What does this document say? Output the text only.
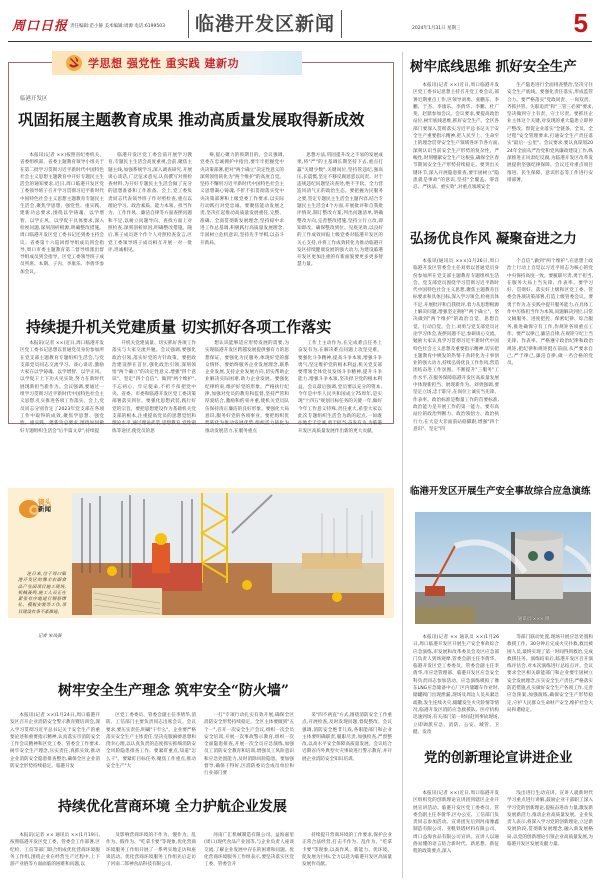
周口日报 责任编辑:范小静 美术编辑:周源 电话:6199503	临港开发区新闻	2024年1月31日 星期三	5
学思想 强党性 重实践 建新功
临港开发区
巩固拓展主题教育成果 推动高质量发展取得新成效

本报讯(记者 ××)按照省纪委机关、省委组织部、省委主题教育领导小组关于在第二批学习贯彻习近平新时代中国特色社会主义思想主题教育中开好专题民主生活会的通知要求,近日,周口临港开发区党工委领导班子召开学习贯彻习近平新时代中国特色社会主义思想主题教育专题民主生活会,聚焦学思想、强党性、重实践、建新功总要求,围绕以学铸魂、以学增智、以学正风、以学促干具体要求,深入检视问题,深刻剖析根源,明确整改措施。周口临港开发区党工委书记还到委主持会议。省委第十六巡回督导组成员到会指导,周口市委主题教育第二督导组派出督导组成员到会指导。区党工委领导班子成员列席。本期、子丙、李康乐、李倩华参加会议。

临港开发区党工委会前开展学习教育,专题民主生活会高度重视,会前,聚焦主题主线,加强系统学习,深入调查研究,开展谈心谈话,广泛征求意见,认真撰写对照检查材料,为开好专题民主生活会做了充分的思想准备和工作准备。会上,党工委负责同志代表领导班子作对照检查,重点以理论学习、政治素质、能力本领、担当作为、工作作风、廉洁自律等方面查摆问题和不足,以树立问题导向、查找方面上对照检查,深刻剖析原因,明确整改措施。随后,班子成员逐个作个人对照检查发言,区党工委领导班子成员相互开展一对一批评,坦诚相见。

辩,提心聚力的预期目的。会议强调,党委在忠诚拥护中指出,要牢牢把握党中央决策部署,把对"两个确立"决定性意义的深刻领悟转化为"两个维护"的高度自觉。坚持不懈用习近平新时代中国特色社会主义思想凝心铸魂,不折不扣贯彻落实党中央决策部署和上级党委工作要求,以实际行动践行对党忠诚。要聚焦能动发展之责,坚决扛起推动高质量发展重任,完整、准确、全面贯彻新发展理念,坚持稳中求进工作总基调,积极践行高质量发展理念,牢固树立危机意识,坚持先手导棋,以奋斗开新局。

思想方法,巩固提升改之不易的发展成果,将"严"的主基调长期坚持下去,重点打赢"关键少数",关键岗位,坚持管违纪,强高压,长震慑,坚定不移反腐惩恶以问责。对于违规违纪问题坚决查处,绝不手软。全力营造风清气正的政治生态。要把握为民服务之要,坚定专题民主生活会主题内容,结合专题民主生活会4个方面,开展批评和自我批评情况,制订整改方案,列出问题清单,明确整改方向,完善整改措施,坚持立行立改,即知即改。确保整改到位、见底见效,以良好的工作成效回报上级党委对临港开发区的关心支持,并将工作成效转化为推动临港开发区持续健康发展的强大动力,为建设临港开发区更加注重的有新面貌要更多更多智慧力量。

持续提升机关党建质量 切实抓好各项工作落实

本报讯(记者 ××)近日,周口临港开发区党工委书记思想以普通党员身份参加所在党支部主题教育专题组织生活会,与党支部党员同志交流学习、谈心谈话,激励大家在以学铸魂、以学增智、以学正风、以学促干上下功夫见实效,努力在新时代展现新担当新作为。会议强调,要通过一组学习贯彻习近平新时代中国特色社会主义思想,扎实推进各项工作落实。会上,党员同志分别肯定了2023年党支部在各项工作中取得的成效,聚焦学思想、强党性、重实践、建新功总要求,围绕如何做好专题组织生活会"后半篇文章",持续提

升机关党建质量、切实抓好各项工作落实与大家交流共勉。会议强调,要强化政治引领,落实好党的方针政策。要把政治建设摆在首位,强化政治引领,深刻领悟"两个确立"的决定性意义,增强"四个意识"、坚定"四个自信"、做到"两个维护",不忘初心、牢记使命,不折不扣把党中央、省委、市委和临港开发区党工委决策部署落实到位。要强化思想武装,践行好党的宗旨。要把思想建设作为基础机关党支部的根本,注重提高党员的思想觉悟和理论水平,通过理论武装,思想教育,党性锻炼等途径,使党员的思

想认识能够适应形势发展的需要,为实现临港开发区跨越发展提供强有力的思想保证。要强化为民服务,体现好党的群众情怀。要始终服务企业发展理念,联系企业发展,支持企业发展方向,切实帮助企业解决实际困难,助力企业发展。要强化纪律约束,维护好党的形象。严格执行纪律,加强对党员的教育和监督,坚持严管和厚爱结合,激励和约束并重,使机关党员队伍保持清正廉洁的良好形象。要强化大局意识,服务好党的各项事业。要把组织优势转化为推动发展优势,组织活力转化为推动发展活力,在服务重点

工作上主动作为,在完成难点任务上奋发有为,在解决难点问题上攻坚克难。要强化斗争精神,提高斗争本领,增强斗争勇气,坚定维护党的根本利益,机关党支部要带领全体党员发扬斗争精神,提升斗争能力,增强斗争本领,坚决捍卫党的根本利益。会议最后强调,党员要以充分的资本,今年是中华人民共和国成立75周年,是实现"十四五"规划目标任务的关键一年,做好今年工作意义特殊,责任重大,希望大家以此次专题组织生活会为新的起点,一如既往地忠于忠诚,勇于担当,奋发有为,为临港开发区高质量发展作出新的更大贡献。

镜头
新闻

连日来,位于周口临港开发区的豫丰农副食品产业园项目施工现场,机械轰鸣,施工人员正在紧张有序地进行钢筋绑扎、模板安装等工作,项目建设有条不紊推进。

记者 宋凤强
树牢安全生产理念 筑牢安全“防火墙”

本报讯(记者 ××)1月24日,周口临港开发区召开企业消防安全警示教育暨培训会,深入学习贯彻习近平总书记关于安全生产的重要论述和重要指示精神,认真落实市消防安全工作会议精神和区党工委、管委会工作要求,树牢安全生产理念,压实责任,真抓实效,推动企业消防安全隐患排查整治,确保全区企业消防安全形势持续稳定。临港开发

区党工委委员、管委会副主任李倩华,消防、工信部门主要负责同志出席会议。会议要求,要压实责任,明确"干什么"。企业要严格落实安全生产主体责任,坚决克服麻痹思想和侥幸心理,以认真负责的态度抓实抓细消防安全风险隐患排查工作。要紧盯重点,知道"怎么干"。要紧盯目标任务,聚焦工作重点,推动安全生产"大

一打"专项行动扎实有效开展,确保全区消防安全形势持续稳定。全区主体要做到"五个一",召开一次安全生产会议,组织一次全员安全培训,开展一次事故警示教育,组织一次全面隐患排查,开展一次全员应急演练,加强员工消防安全教育和培训,增强员工风险意识和应急处置能力,及时消除风险隐患。要加强督导,确保干得好,区消防委员会成员单位和行业部门要

采"四不两直"方式,围绕消防安全工作重点,开展检查,及时发现问题,督促整改。会议强调,消防安全绝非儿戏,各职能部门和企业主体要明确职责,履职尽责,加强检查,严督整改,以高水平安全保障高质量发展。会议结合近期省内外典型火灾事故进行警示教育,并开展企业消防安全知识培训。

持续优化营商环境 全力护航企业发展

本报讯(记者 ×× 通讯员 ××)1月19日,按照临港开发区党工委、管委会工作部署,区纪检、工信等部门联合组成优化营商环境服务工作组,围绕企业在经营生产过程中,上下游产业链等方面面临的困难和问题,以

及影响营商环境的不作为、慢作为、乱作为、假作为、"吃拿卡要"等现象,优化营商环境服务工作组开展了一系列实地走访和座谈活动。优化营商环境服务工作组先后走访了河南二郎神食品科技有限公司、

河南广汇机械制造有限公司、益海嘉里(周口)现代食品产业园等,与企业负责人座谈交流,了解企业发展中存在的困难和问题。优化营商环境服务工作组表示,要坚决落实区党工委、管委会开

持续提升营商环境的工作要求,保护企业正常合法经营,打击不作为、乱作为、"吃拿卡要"等现象,以高作风、新能力、优环境、促发展为目标,全力以赴为临港开发区高质量发展作贡献。

树牢底线思维 抓好安全生产

本报讯(记者 ××)近日,周口临港开发区党工委书记思想主持召开党工委会议,部署近期重点工作,区领导刘勇、张鹏东、李鹏、于杰、李康乐、李倩华、李鹏、杜广斐、赵鼎参加会议。会议要求,要提高政治站位,树牢底线思维,抓好安全生产。全区各部门要深入贯彻落实习近平总书记关于安全生产重要指示精神,把人民至上、生命至上的理念贯穿安全生产领域各环节各方面,深刻认识当前安全生产形势的复杂性、严峻性,时刻绷紧安全生产这根弦,确保全区春节期间安全生产形势持续稳定。要突出关键环节,深入开展隐患排查,要牢固树立"隐患就是事故"的意识,坚持"全覆盖、零容忍、严执法、重实效",对重点领域安全

生产隐患进行全面排查整治,坚决守住安全生产底线。要强化责任落实,形成监管合力。要严格落实"党政同责、一岗双责、齐抓共管、失职追责"和"三管三必须"要求,坚决做到守土有责、守土尽责。要抓住企业主体这个关键,对发现的重大隐患立即停产整改。督促企业落实"全链条、全员、全过程"安全管理要求,打通安全生产责任落实"最后一公里"。会议要求,要认真谋划2024年全面从严治党和党风廉政建设工作,纵深推进正风肃纪反腐,为临港开发区改革发展提供坚强纪律保障。会议还对重点项目推进、民生保障、意识形态等工作进行安排部署。

弘扬优良作风 凝聚奋进之力

本报讯(通讯员 ×××)1月26日,周口临港开发区管委会主任刘勇以普通党员身份参加所在党支部主题教育专题组织生活会。党支部党员围绕学习贯彻习近平新时代中国特色社会主义思想,聚焦主题教育目标要求和具体目标,深入学习领会,检视具体不足,开展批评和自我批评,着力从思想根源上解决问题,增强坚定拥护"两个确立"、坚决做到"两个维护"的政治自觉、思想自觉、行动自觉。会上,刘勇与党支部党员讨论学习体会,查摆问题不足,参研谈心交流。勉励大家认真学习贯彻习近平新时代中国特色社会主义思想及重要指示精神,切实把主题教育中焕发的热情干劲转化为干事创业的强大动力,持续弘扬优良工作作风,营造团结奋进工作氛围。不断提升"三服务"工作水平,在服务保障临港开发区高质量发展中体现新担当、展现新作为。刘勇强调,要坚定立场,忠于职守,在岗位上诚实当先锋、作表率。政治标准是衡量工作的首要标准,政治能力是开展工作的第一能力。要有高站位的政治判断力、政治领悟力、政治执行力,在大是大非面前站稳脚跟,增强"四个意识"、坚定"四

个自信",做到"两个维护",在思想上政治上行动上自觉以习近平同志为核心的党中央保持高度一致。要履职尽责,勇于担当,在服务大局上当先锋、作表率。要学习好、贯彻好、落实好上级和区党工委、管委会各项决策部署,打造上级管委会议。要勇于作为,在实践中提升服务能力,在具体工作中历练担当作为本领,问题解决到位,日常文稿服务、进度把控、保密纪律、综合服务,推进确保守有工作,作规矩各项重点工作。要严以律己,廉洁自律,在规矩守纪上当先锋、作表率。严格遵守政治纪律和政治规矩,把纪律和规矩挺在前面,从严要求自己,严于律己,廉洁自律,做一名合格的党员。

临港开发区开展生产安全事故综合应急演练
通讯员 ××× 摄

本报讯(记者 ×× 通讯员 ××)1月26日,周口临港开发区开展生产安全事故综合应急演练,市发展和改革委员会及区应急部门负责人到场观摩,管委会副主任李倩华、临港开发区党工委委员、管委会副主任李倩华,市应急管理部、临港开发区应急安全科负责同志参加活动。应急演练模拟了豫东LNG应急储备中心厂区内储罐车作业时,储罐阀门出现泄漏,现场及周边人员从紧急疏散,发生连续火灾,储罐发生火灾险情等情况,临港开发区消防应急救援队、医疗机构迅速到场,有关部门第一时间赶到事故现场,立即调派应急、消防、公安、城管、卫健、发改

等部门联动处置,现场开展应急处置和救援工作。30分钟后完成火灾扑救,救出被困人员,最终实现了第一时间得到救治,完成救援任务。演练结束后,临港开发区召开演练评估会,对本次演练进行总结点评。会议要求全区相关职能部门和企业要牢固树立安全发展理念,压实安全生产责任,严格落实防范措施,扎实做好安全生产各项工作,完善应急预案,加强演练,确保安全生产形势稳定,守护人民群众生命财产安全,维护社会大局和谐稳定。

党的创新理论宣讲进企业

本报讯(记者 ××)近日,周口临港开发区组织党的创新理论宣讲团到辖区企业开展宣讲活动。临港开发区党工委委员、管委会副主任李倩华,区办公室、工信部门负责同志参加活动。宣讲团先后到河南豫鑫制造有限公司、亚帆铁塔材料有限公司、周口益海食品有限公司宣讲。宣讲人以通俗易懂的语言结合新时代、新思想、新征程的政策要点,深入

浅出进行生动宣讲。宣讲人就新时代学习重点进行讲解,鼓励企业干部职工深入学习党的创新理论,提振奋进动力量,激发新发展新活力,推动企业高质量发展。企业负责人表示,将深入学习党的创新理论,立足新发展阶段,贯彻新发展理念,融入新发展格局,以党的创新理论引领企业高质量发展,为临港开发区发展贡献力量。
